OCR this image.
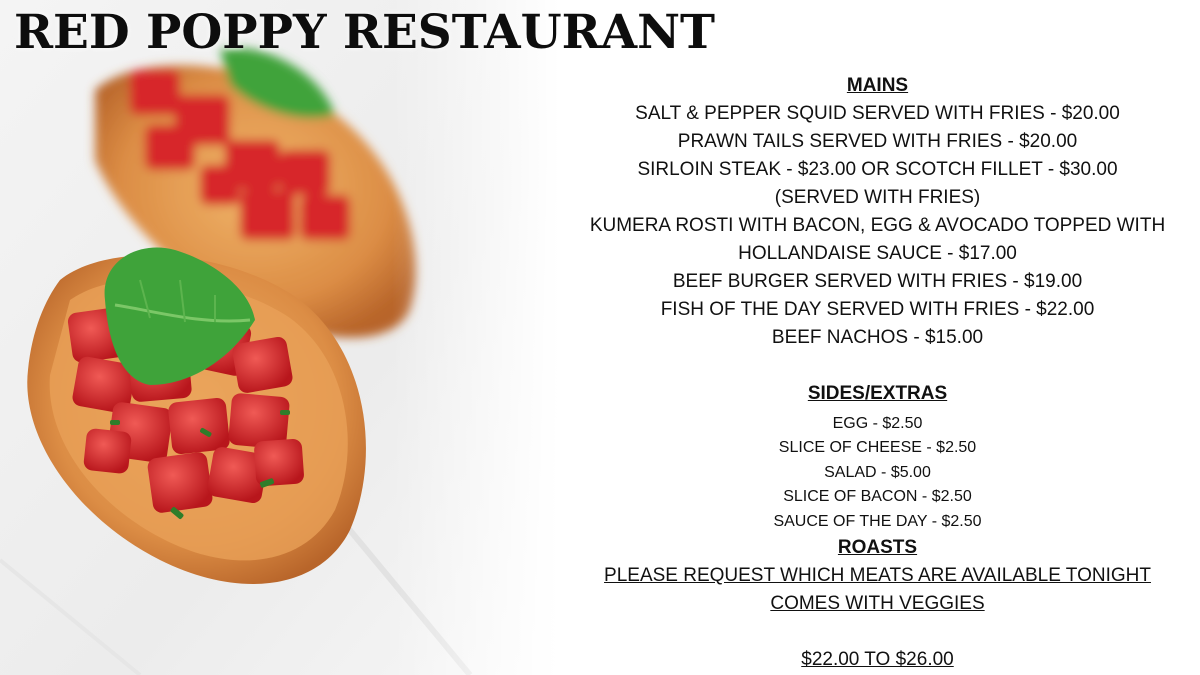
RED POPPY RESTAURANT

MAINS

SALT & PEPPER SQUID SERVED WITH FRIES - $20.00

PRAWN TAILS SERVED WITH FRIES - $20.00

SIRLOIN STEAK - $23.00 OR SCOTCH FILLET - $30.00

(SERVED WITH FRIES)

KUMERA ROSTI WITH BACON, EGG & AVOCADO TOPPED WITH

HOLLANDAISE SAUCE - $17.00

BEEF BURGER SERVED WITH FRIES - $19.00

FISH OF THE DAY SERVED WITH FRIES - $22.00

BEEF NACHOS - $15.00

SIDES/EXTRAS

EGG - $2.50

SLICE OF CHEESE - $2.50

SALAD - $5.00

SLICE OF BACON - $2.50

SAUCE OF THE DAY - $2.50

ROASTS

PLEASE REQUEST WHICH MEATS ARE AVAILABLE TONIGHT

COMES WITH VEGGIES

$22.00 TO $26.00
